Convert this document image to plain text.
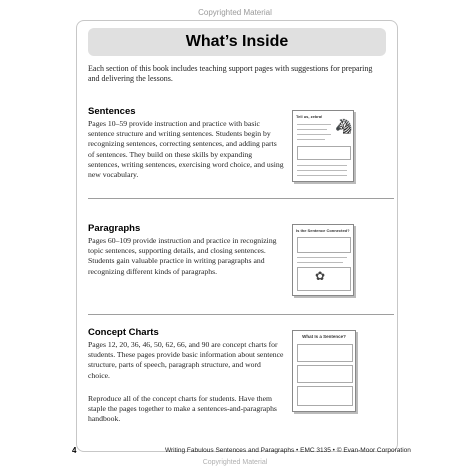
Copyrighted Material
What’s Inside

Each section of this book includes teaching support pages with suggestions for preparing and delivering the lessons.

Sentences

Pages 10–59 provide instruction and practice with basic sentence structure and writing sentences. Students begin by recognizing sentences, correcting sentences, and adding parts of sentences. They build on these skills by expanding sentences, writing sentences, exercising word choice, and using new vocabulary.

Tell us, zebra!
🦓
Paragraphs

Pages 60–109 provide instruction and practice in recognizing topic sentences, supporting details, and closing sentences. Students gain valuable practice in writing paragraphs and recognizing different kinds of paragraphs.

Is the Sentence Connected?
✿
Concept Charts

Pages 12, 20, 36, 46, 50, 62, 66, and 90 are concept charts for students. These pages provide basic information about sentence structure, parts of speech, paragraph structure, and word choice.

Reproduce all of the concept charts for students. Have them staple the pages together to make a sentences-and-paragraphs handbook.

What Is a Sentence?
4	Writing Fabulous Sentences and Paragraphs • EMC 3135 • © Evan-Moor Corporation
Copyrighted Material
